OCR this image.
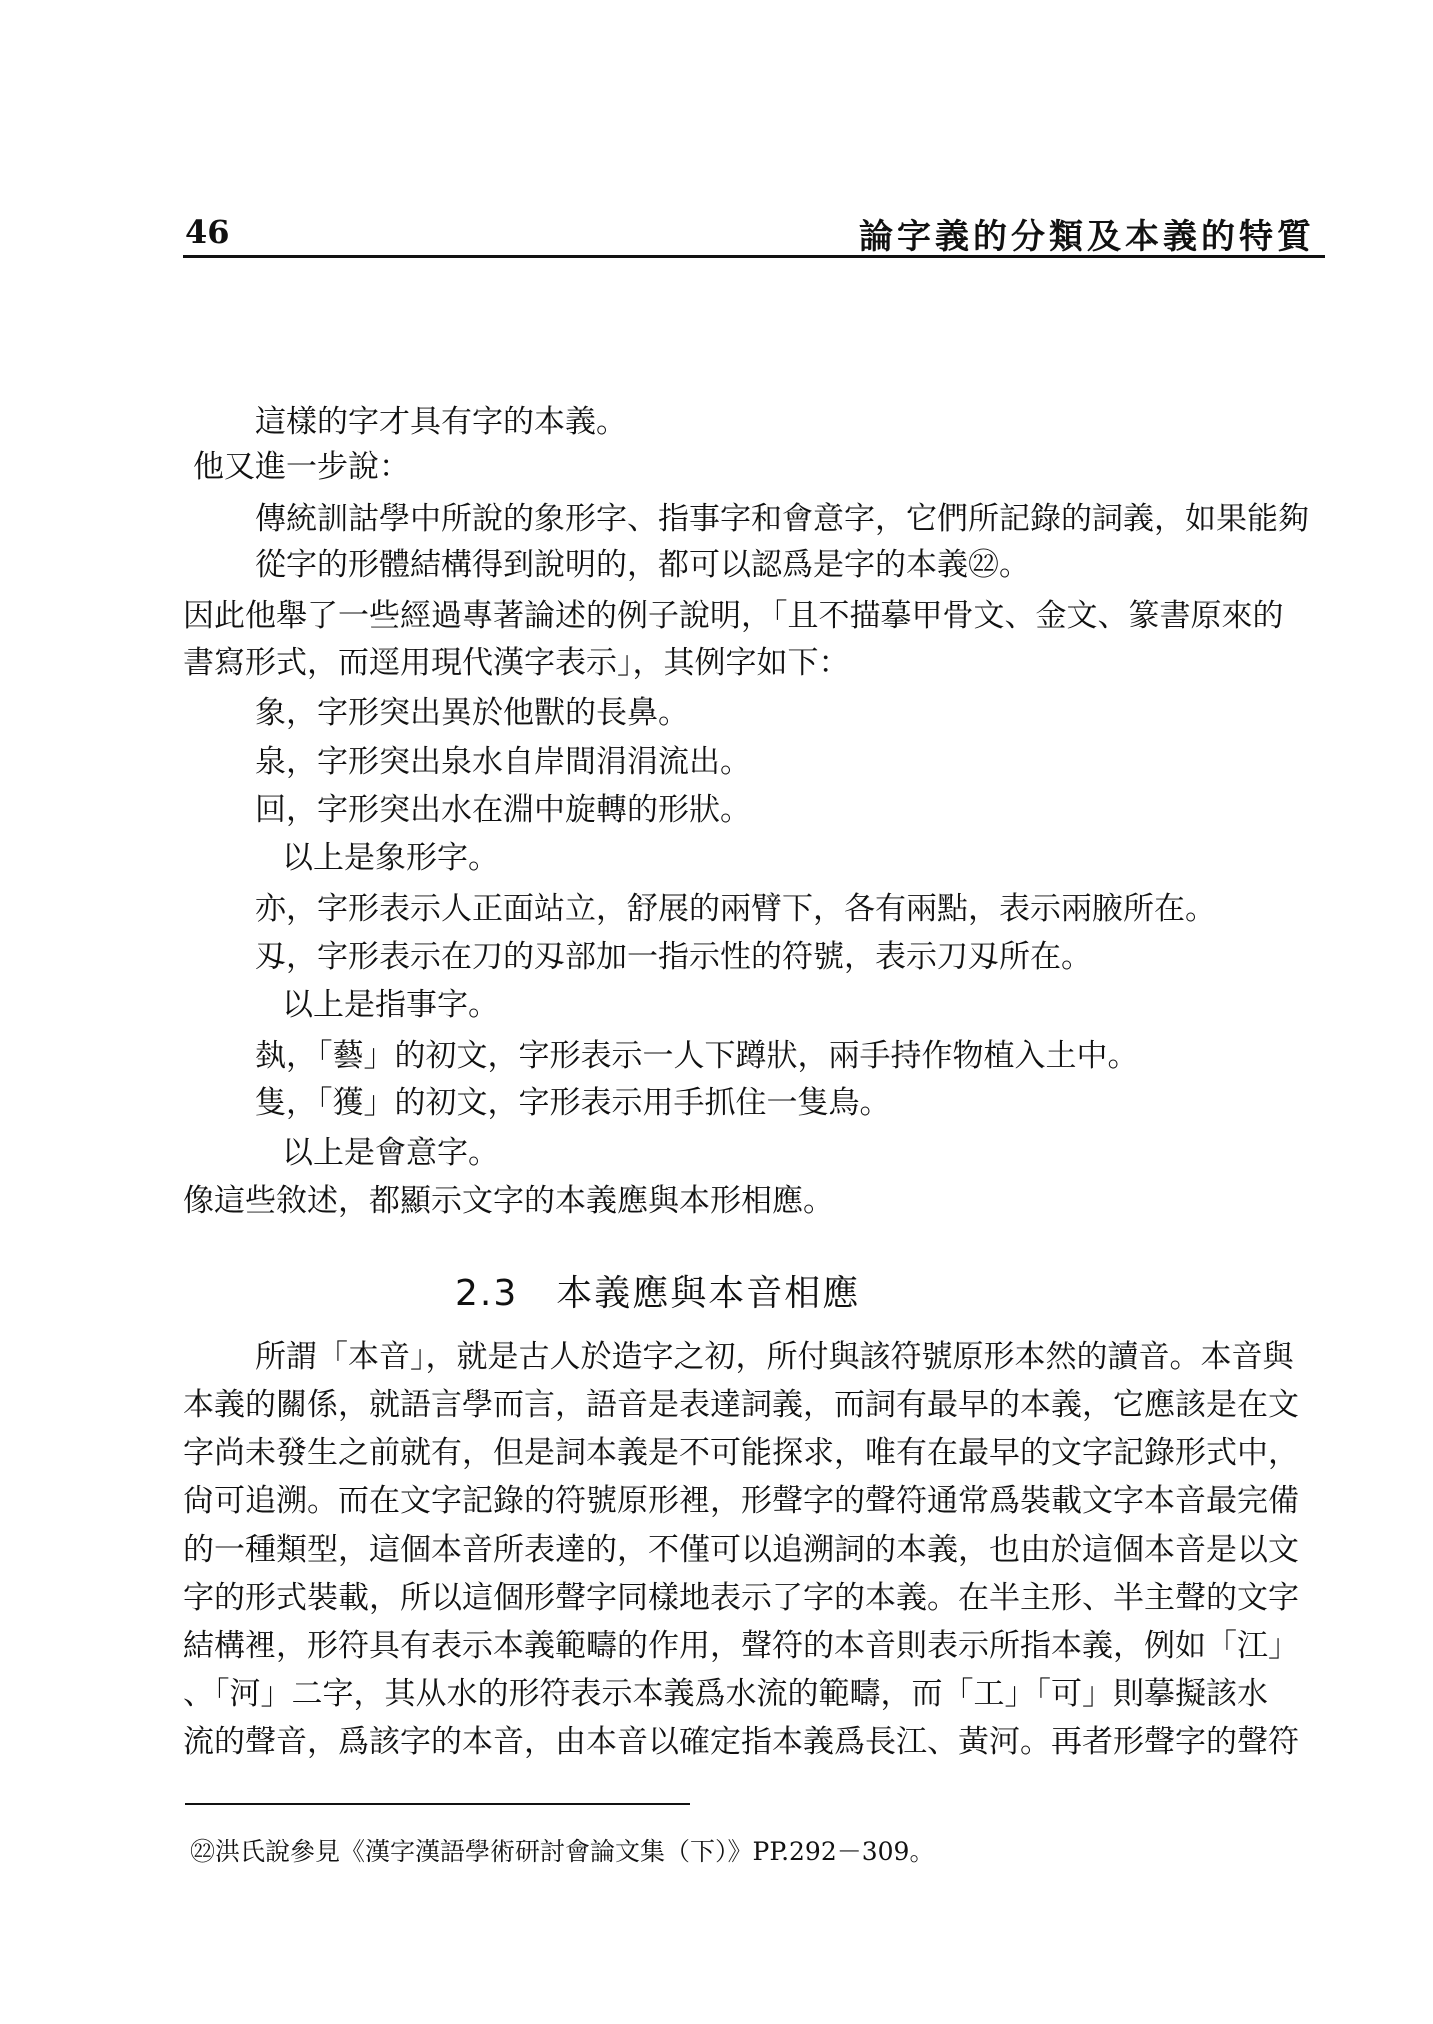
46	論字義的分類及本義的特質
這樣的字才具有字的本義。
他又進一步說：
傳統訓詁學中所說的象形字、指事字和會意字，它們所記錄的詞義，如果能夠
從字的形體結構得到說明的，都可以認爲是字的本義㉒。
因此他舉了一些經過專著論述的例子說明，「且不描摹甲骨文、金文、篆書原來的
書寫形式，而逕用現代漢字表示」，其例字如下：
象，字形突出異於他獸的長鼻。
泉，字形突出泉水自岸間涓涓流出。
回，字形突出水在淵中旋轉的形狀。
以上是象形字。
亦，字形表示人正面站立，舒展的兩臂下，各有兩點，表示兩腋所在。
刄，字形表示在刀的刄部加一指示性的符號，表示刀刄所在。
以上是指事字。
埶，「藝」的初文，字形表示一人下蹲狀，兩手持作物植入土中。
隻，「獲」的初文，字形表示用手抓住一隻鳥。
以上是會意字。
像這些敘述，都顯示文字的本義應與本形相應。
2.3　本義應與本音相應
所謂「本音」，就是古人於造字之初，所付與該符號原形本然的讀音。本音與
本義的關係，就語言學而言，語音是表達詞義，而詞有最早的本義，它應該是在文
字尚未發生之前就有，但是詞本義是不可能探求，唯有在最早的文字記錄形式中，
尙可追溯。而在文字記錄的符號原形裡，形聲字的聲符通常爲裝載文字本音最完備
的一種類型，這個本音所表達的，不僅可以追溯詞的本義，也由於這個本音是以文
字的形式裝載，所以這個形聲字同樣地表示了字的本義。在半主形、半主聲的文字
結構裡，形符具有表示本義範疇的作用，聲符的本音則表示所指本義，例如「江」
、「河」二字，其从水的形符表示本義爲水流的範疇，而「工」「可」則摹擬該水
流的聲音，爲該字的本音，由本音以確定指本義爲長江、黃河。再者形聲字的聲符
㉒洪氏說參見《漢字漢語學術研討會論文集（下）》PP.292－309。
